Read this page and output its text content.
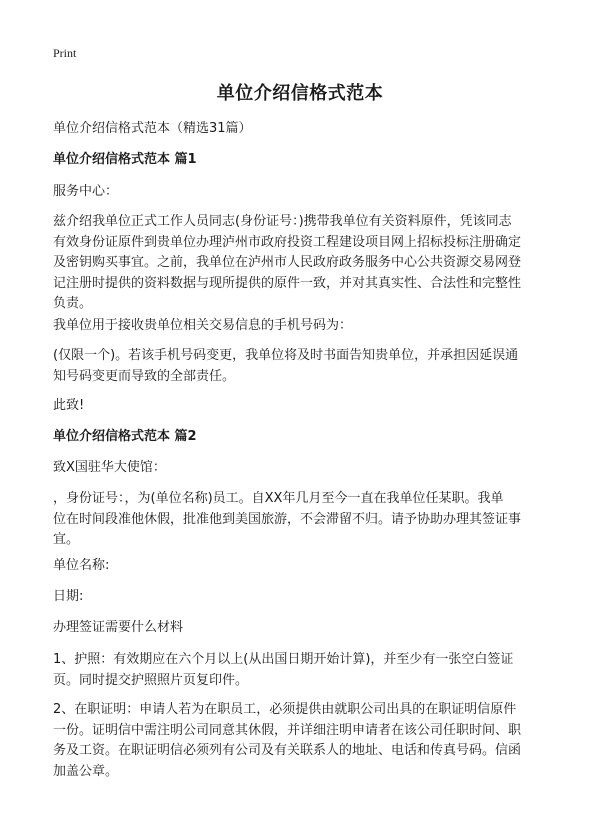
Print
单位介绍信格式范本
单位介绍信格式范本（精选31篇）
单位介绍信格式范本 篇1
服务中心：
兹介绍我单位正式工作人员同志(身份证号：)携带我单位有关资料原件，凭该同志
有效身份证原件到贵单位办理泸州市政府投资工程建设项目网上招标投标注册确定
及密钥购买事宜。之前，我单位在泸州市人民政府政务服务中心公共资源交易网登
记注册时提供的资料数据与现所提供的原件一致，并对其真实性、合法性和完整性
负责。
我单位用于接收贵单位相关交易信息的手机号码为：
(仅限一个)。若该手机号码变更，我单位将及时书面告知贵单位，并承担因延误通
知号码变更而导致的全部责任。
此致!
单位介绍信格式范本 篇2
致X国驻华大使馆：
，身份证号：，为(单位名称)员工。自XX年几月至今一直在我单位任某职。我单
位在时间段准他休假，批准他到美国旅游，不会滞留不归。请予协助办理其签证事
宜。
单位名称:
日期:
办理签证需要什么材料
1、护照：有效期应在六个月以上(从出国日期开始计算)，并至少有一张空白签证
页。同时提交护照照片页复印件。
2、在职证明：申请人若为在职员工，必须提供由就职公司出具的在职证明信原件
一份。证明信中需注明公司同意其休假，并详细注明申请者在该公司任职时间、职
务及工资。在职证明信必须列有公司及有关联系人的地址、电话和传真号码。信函
加盖公章。
